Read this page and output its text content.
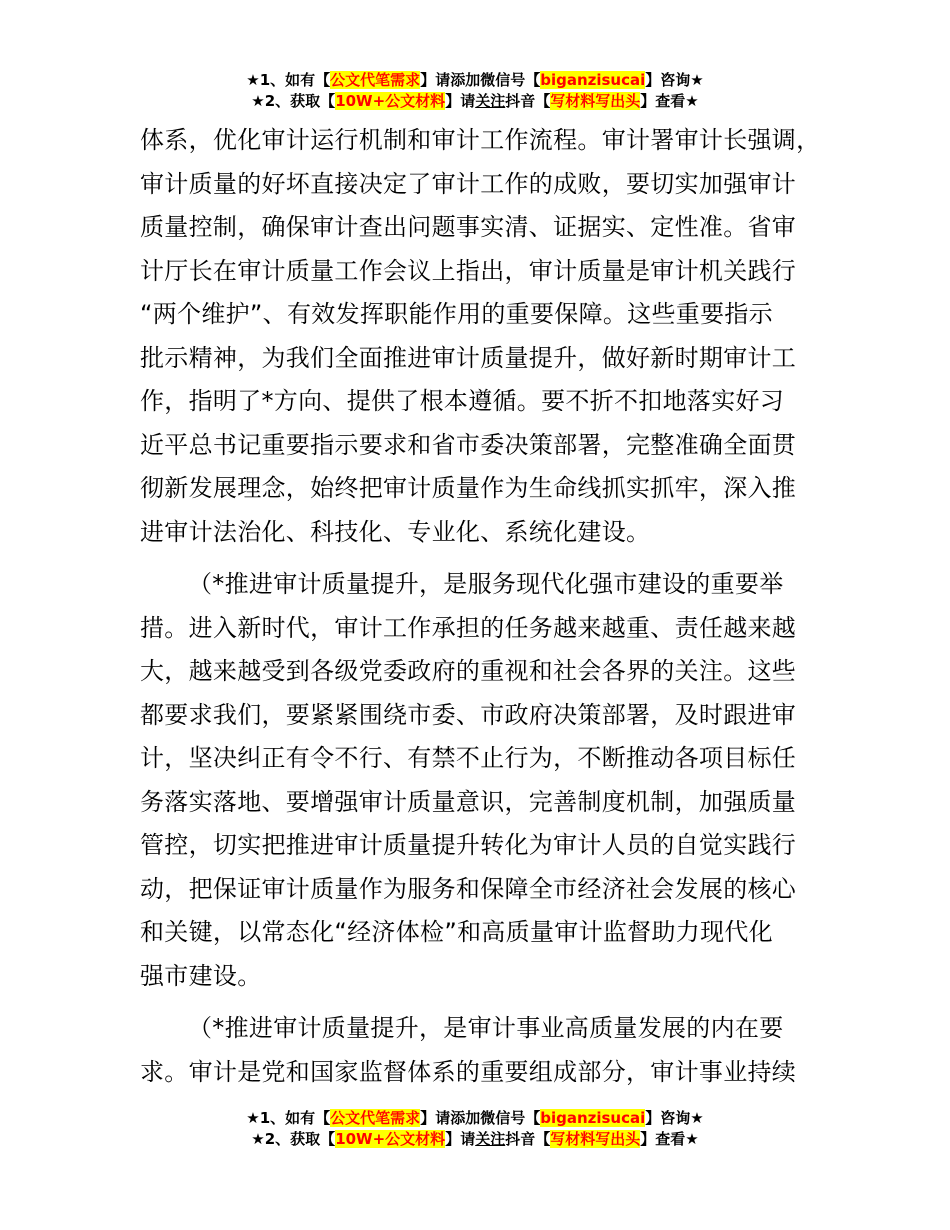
★1、如有【公文代笔需求】请添加微信号【biganzisucai】咨询★
★2、获取【10W+公文材料】请关注抖音【写材料写出头】查看★
体系，优化审计运行机制和审计工作流程。审计署审计长强调，
审计质量的好坏直接决定了审计工作的成败，要切实加强审计
质量控制，确保审计查出问题事实清、证据实、定性准。省审
计厅长在审计质量工作会议上指出，审计质量是审计机关践行
“两个维护”、有效发挥职能作用的重要保障。这些重要指示
批示精神，为我们全面推进审计质量提升，做好新时期审计工
作，指明了*方向、提供了根本遵循。要不折不扣地落实好习
近平总书记重要指示要求和省市委决策部署，完整准确全面贯
彻新发展理念，始终把审计质量作为生命线抓实抓牢，深入推
进审计法治化、科技化、专业化、系统化建设。
（*推进审计质量提升，是服务现代化强市建设的重要举
措。进入新时代，审计工作承担的任务越来越重、责任越来越
大，越来越受到各级党委政府的重视和社会各界的关注。这些
都要求我们，要紧紧围绕市委、市政府决策部署，及时跟进审
计，坚决纠正有令不行、有禁不止行为，不断推动各项目标任
务落实落地、要增强审计质量意识，完善制度机制，加强质量
管控，切实把推进审计质量提升转化为审计人员的自觉实践行
动，把保证审计质量作为服务和保障全市经济社会发展的核心
和关键，以常态化“经济体检”和高质量审计监督助力现代化
强市建设。
（*推进审计质量提升，是审计事业高质量发展的内在要
求。审计是党和国家监督体系的重要组成部分，审计事业持续
★1、如有【公文代笔需求】请添加微信号【biganzisucai】咨询★
★2、获取【10W+公文材料】请关注抖音【写材料写出头】查看★
